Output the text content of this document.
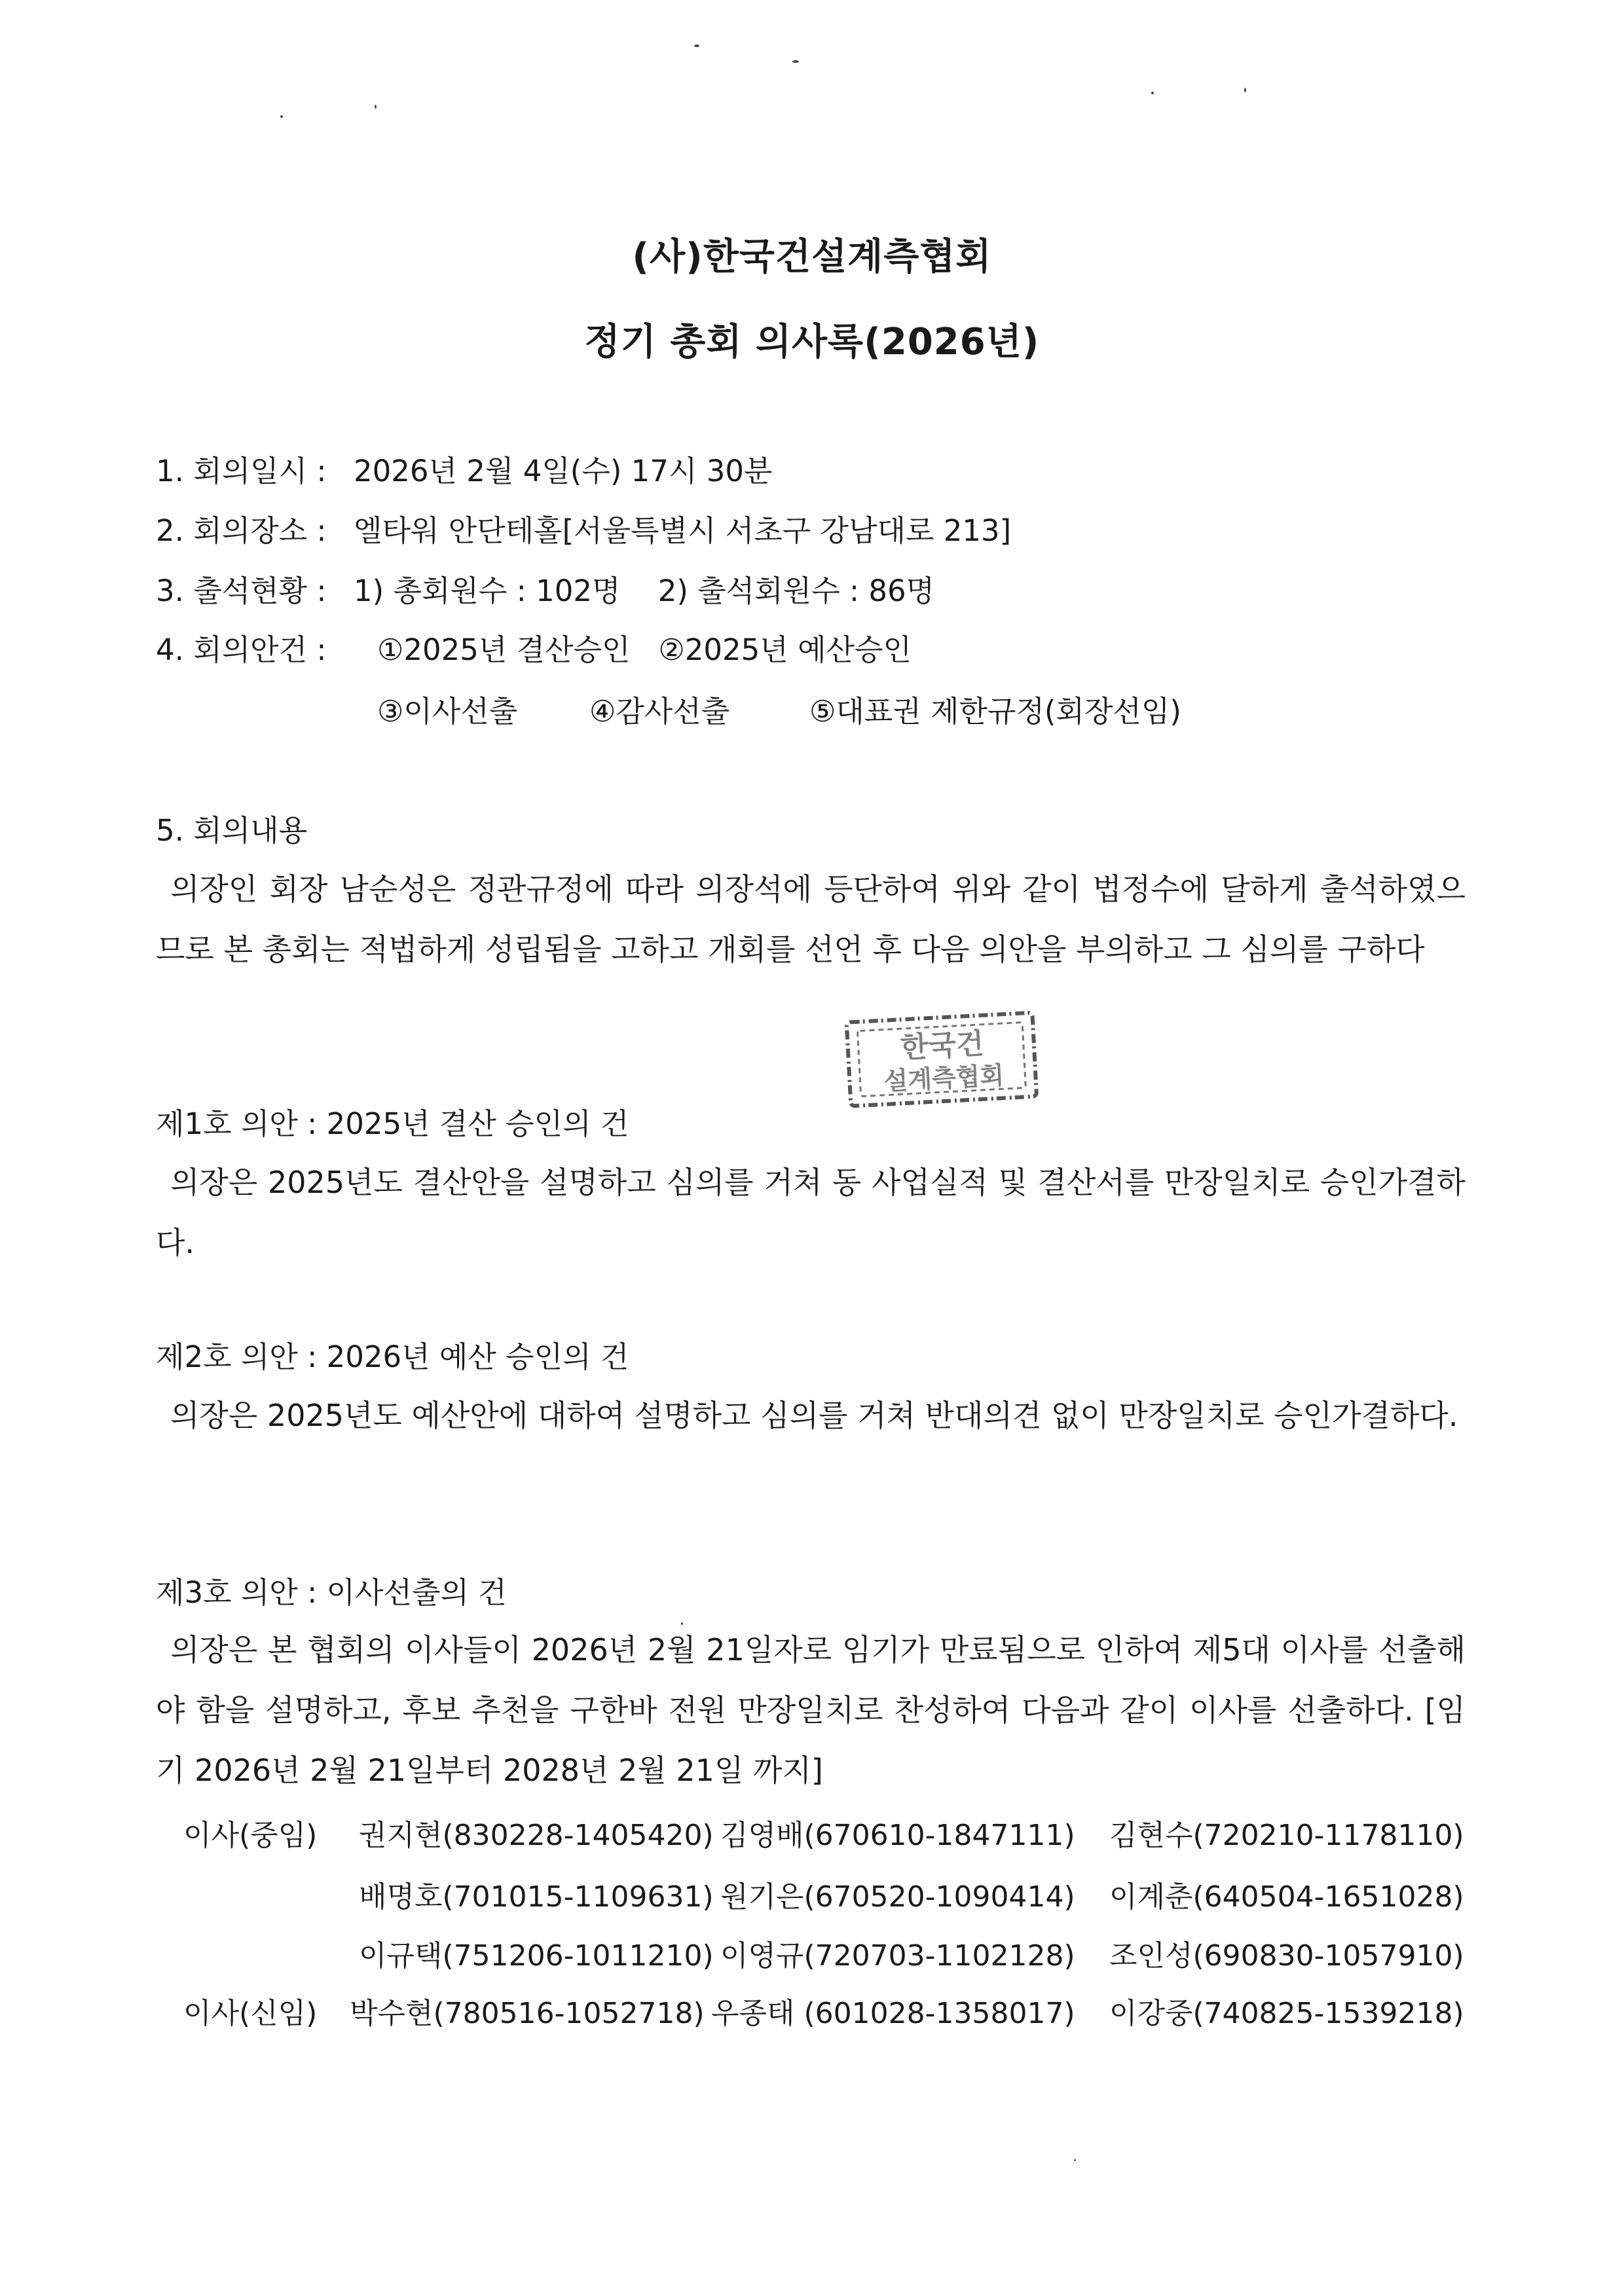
(사)한국건설계측협회
정기 총회 의사록(2026년)
1. 회의일시 : 2026년 2월 4일(수) 17시 30분
2. 회의장소 : 엘타워 안단테홀[서울특별시 서초구 강남대로 213]
3. 출석현황 : 1) 총회원수 : 102명    2) 출석회원수 : 86명
4. 회의안건 : ①2025년 결산승인   ②2025년 예산승인
③이사선출 ④감사선출	⑤대표권 제한규정(회장선임)
5. 회의내용
의장인 회장 남순성은 정관규정에 따라 의장석에 등단하여 위와 같이 법정수에 달하게 출석하였으므로 본 총회는 적법하게 성립됨을 고하고 개회를 선언 후 다음 의안을 부의하고 그 심의를 구하다
한국건
설계측협회
제1호 의안 : 2025년 결산 승인의 건
의장은 2025년도 결산안을 설명하고 심의를 거쳐 동 사업실적 및 결산서를 만장일치로 승인가결하다.
제2호 의안 : 2026년 예산 승인의 건
의장은 2025년도 예산안에 대하여 설명하고 심의를 거쳐 반대의견 없이 만장일치로 승인가결하다.
제3호 의안 : 이사선출의 건
의장은 본 협회의 이사들이 2026년 2월 21일자로 임기가 만료됨으로 인하여 제5대 이사를 선출해야 함을 설명하고, 후보 추천을 구한바 전원 만장일치로 찬성하여 다음과 같이 이사를 선출하다. [임기 2026년 2월 21일부터 2028년 2월 21일 까지]
이사(중임) 권지현(830228-1405420) 김영배(670610-1847111) 김현수(720210-1178110)
배명호(701015-1109631) 원기은(670520-1090414) 이계춘(640504-1651028)
이규택(751206-1011210) 이영규(720703-1102128) 조인성(690830-1057910)
이사(신임) 박수현(780516-1052718) 우종태 (601028-1358017) 이강중(740825-1539218)
